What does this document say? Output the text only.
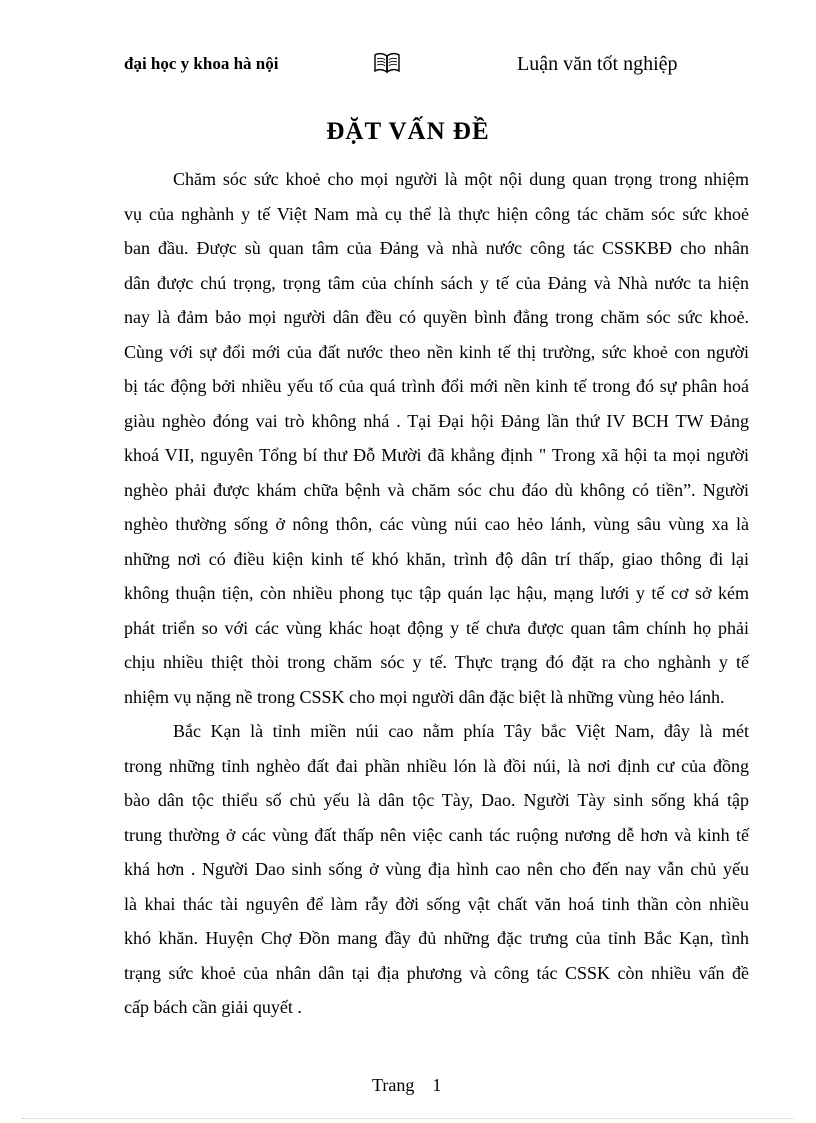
đại học y khoa hà nội	Luận văn tốt nghiệp
ĐẶT VẤN ĐỀ
Chăm sóc sức khoẻ cho mọi người là một nội dung quan trọng trong nhiệm
vụ của nghành y tế Việt Nam mà cụ thể là thực hiện công tác chăm sóc sức khoẻ
ban đầu. Được sù quan tâm của Đảng và nhà nước công tác CSSKBĐ cho nhân
dân được chú trọng, trọng tâm của chính sách y tế của Đảng và Nhà nước ta hiện
nay là đảm bảo mọi người dân đều có quyền bình đẳng trong chăm sóc sức khoẻ.
Cùng với sự đổi mới của đất nước theo nền kinh tế thị trường, sức khoẻ con người
bị tác động bởi nhiều yếu tố của quá trình đổi mới nền kinh tế trong đó sự phân hoá
giàu nghèo đóng vai trò không nhá . Tại Đại hội Đảng lần thứ IV BCH TW Đảng
khoá VII, nguyên Tổng bí thư Đỗ Mười đã khẳng định " Trong xã hội ta mọi người
nghèo phải được khám chữa bệnh và chăm sóc chu đáo dù không có tiền”. Người
nghèo thường sống ở nông thôn, các vùng núi cao hẻo lánh, vùng sâu vùng xa là
những nơi có điều kiện kinh tế khó khăn, trình độ dân trí thấp, giao thông đi lại
không thuận tiện, còn nhiều phong tục tập quán lạc hậu, mạng lưới y tế cơ sở kém
phát triển so với các vùng khác hoạt động y tế chưa được quan tâm chính họ phải
chịu nhiều thiệt thòi trong chăm sóc y tế. Thực trạng đó đặt ra cho nghành y tế
nhiệm vụ nặng nề trong CSSK cho mọi người dân đặc biệt là những vùng hẻo lánh.
Bắc Kạn là tỉnh miền núi cao nằm phía Tây bắc Việt Nam, đây là mét
trong những tỉnh nghèo đất đai phần nhiều lón là đồi núi, là nơi định cư của đồng
bào dân tộc thiểu số chủ yếu là dân tộc Tày, Dao. Người Tày sinh sống khá tập
trung thường ở các vùng đất thấp nên việc canh tác ruộng nương dễ hơn và kinh tế
khá hơn . Người Dao sinh sống ở vùng địa hình cao nên cho đến nay vẫn chủ yếu
là khai thác tài nguyên để làm rẫy đời sống vật chất văn hoá tinh thần còn nhiều
khó khăn. Huyện Chợ Đồn mang đầy đủ những đặc trưng của tỉnh Bắc Kạn, tình
trạng sức khoẻ của nhân dân tại địa phương và công tác CSSK còn nhiều vấn đề
cấp bách cần giải quyết .
Trang 1
